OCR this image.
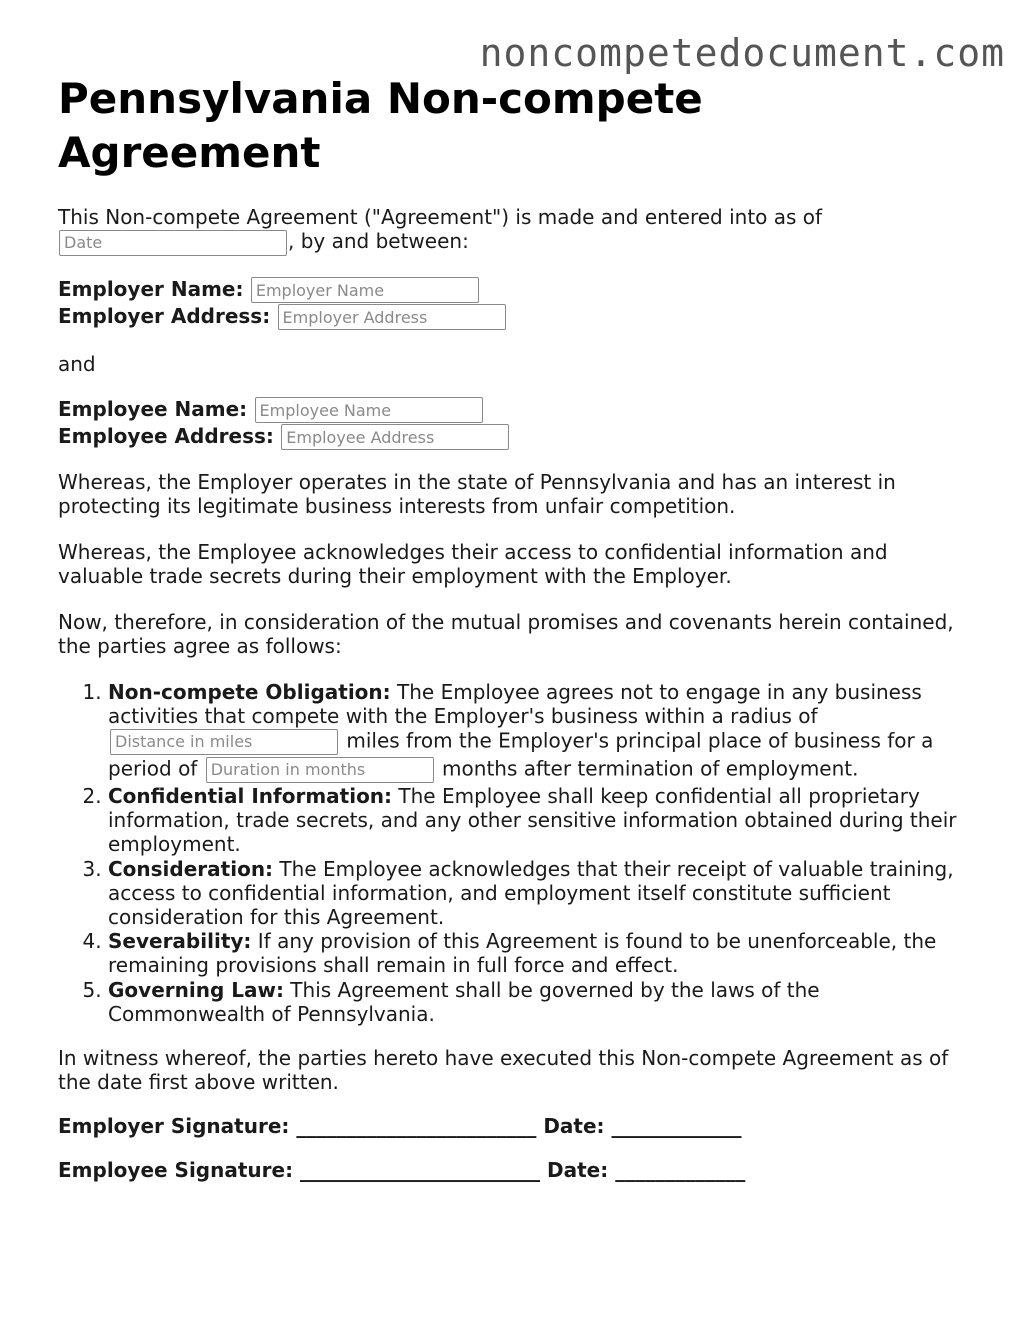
noncompetedocument.com
Pennsylvania Non-compete Agreement

This Non-compete Agreement ("Agreement") is made and entered into as of
Date, by and between:

Employer Name: Employer Name
Employer Address: Employer Address

and

Employee Name: Employee Name
Employee Address: Employee Address

Whereas, the Employer operates in the state of Pennsylvania and has an interest in protecting its legitimate business interests from unfair competition.

Whereas, the Employee acknowledges their access to confidential information and valuable trade secrets during their employment with the Employer.

Now, therefore, in consideration of the mutual promises and covenants herein contained, the parties agree as follows:

1. Non-compete Obligation: The Employee agrees not to engage in any business activities that compete with the Employer's business within a radius of Distance in miles miles from the Employer's principal place of business for a period of Duration in months	months after termination of employment.
2. Confidential Information: The Employee shall keep confidential all proprietary information, trade secrets, and any other sensitive information obtained during their employment.
3. Consideration: The Employee acknowledges that their receipt of valuable training, access to confidential information, and employment itself constitute sufficient consideration for this Agreement.
4. Severability: If any provision of this Agreement is found to be unenforceable, the remaining provisions shall remain in full force and effect.
5. Governing Law: This Agreement shall be governed by the laws of the Commonwealth of Pennsylvania.

In witness whereof, the parties hereto have executed this Non-compete Agreement as of the date first above written.

Employer Signature: ________________________ Date: _____________

Employee Signature: ________________________ Date: _____________
